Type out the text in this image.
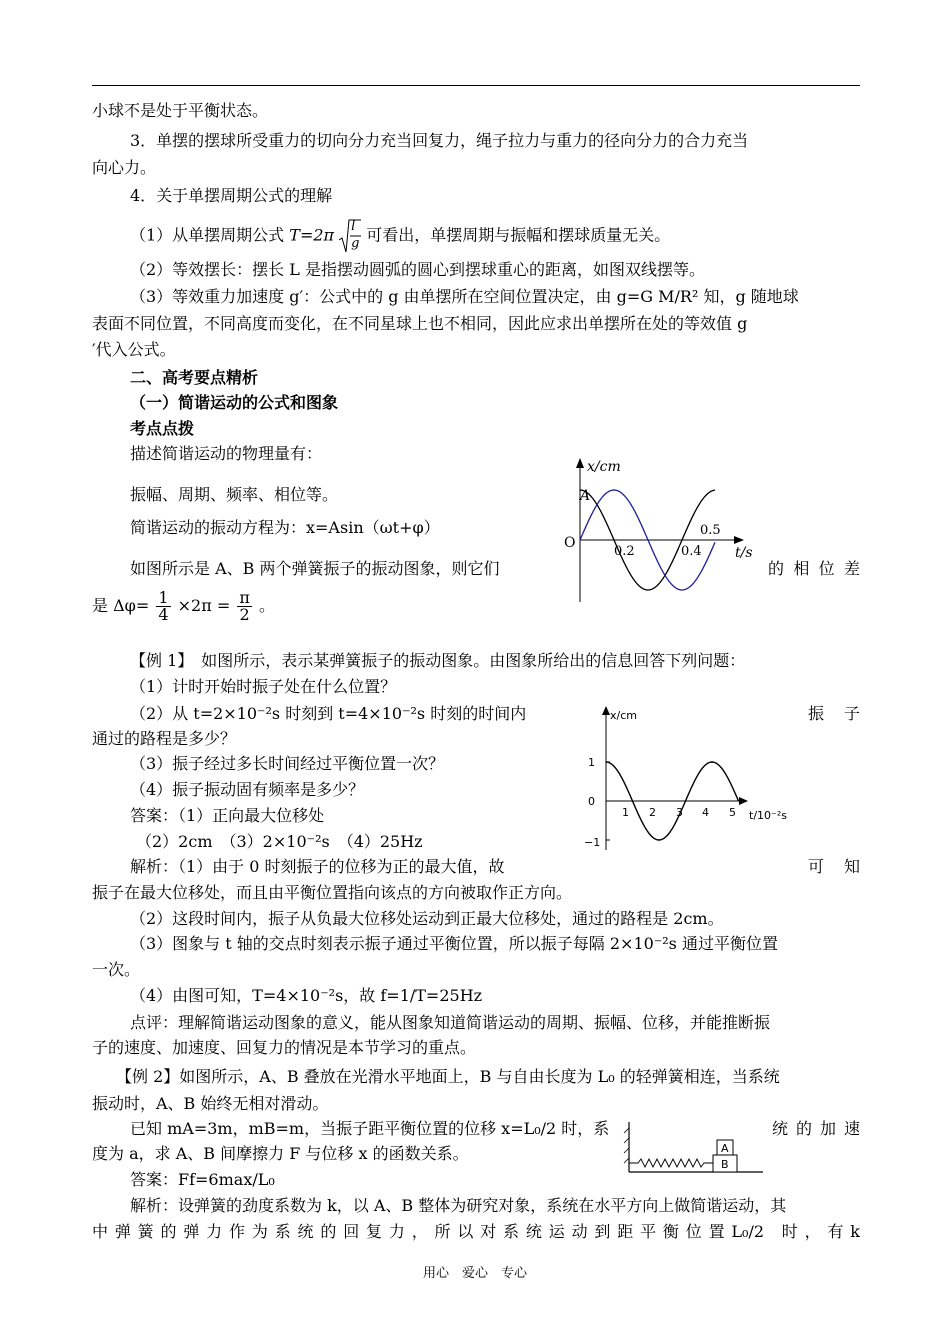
小球不是处于平衡状态。
3．单摆的摆球所受重力的切向分力充当回复力，绳子拉力与重力的径向分力的合力充当
向心力。
4．关于单摆周期公式的理解
（1）从单摆周期公式 T=2π l
g 可看出，单摆周期与振幅和摆球质量无关。
（2）等效摆长：摆长 L 是指摆动圆弧的圆心到摆球重心的距离，如图双线摆等。
（3）等效重力加速度 g′：公式中的 g 由单摆所在空间位置决定，由 g=G M/R² 知，g 随地球
表面不同位置，不同高度而变化，在不同星球上也不相同，因此应求出单摆所在处的等效值 g
′代入公式。
二、高考要点精析
（一）简谐运动的公式和图象
考点点拨
描述简谐运动的物理量有：
振幅、周期、频率、相位等。
简谐运动的振动方程为：x=Asin（ωt+φ）
如图所示是 A、B 两个弹簧振子的振动图象，则它们	的 相 位 差
是 $\Delta\varphi= \frac{1}{4} \times 2\pi = \frac{\pi}{2}$ 。
x/cm
t/s
O
A
0.2	0.4
0.5
【例 1】　如图所示，表示某弹簧振子的振动图象。由图象所给出的信息回答下列问题：
（1）计时开始时振子处在什么位置？
（2）从 t=2×10⁻²s 时刻到 t=4×10⁻²s 时刻的时间内	振　子
通过的路程是多少？
（3）振子经过多长时间经过平衡位置一次？
（4）振子振动固有频率是多少？
答案：（1）正向最大位移处
（2）2cm　（3）2×10⁻²s　（4）25Hz
解析：（1）由于 0 时刻振子的位移为正的最大值，故	可　知
振子在最大位移处，而且由平衡位置指向该点的方向被取作正方向。
（2）这段时间内，振子从负最大位移处运动到正最大位移处，通过的路程是 2cm。
（3）图象与 t 轴的交点时刻表示振子通过平衡位置，所以振子每隔 2×10⁻²s 通过平衡位置
一次。
（4）由图可知，T=4×10⁻²s，故 f=1/T=25Hz
点评：理解简谐运动图象的意义，能从图象知道简谐运动的周期、振幅、位移，并能推断振
子的速度、加速度、回复力的情况是本节学习的重点。
x/cm
t/10⁻²s
1
0
−1
1 2 3 4 5
【例 2】如图所示，A、B 叠放在光滑水平地面上，B 与自由长度为 L₀ 的轻弹簧相连，当系统
振动时，A、B 始终无相对滑动。
已知 mA=3m，mB=m，当振子距平衡位置的位移 x=L₀/2 时，系	统 的 加 速
度为 a，求 A、B 间摩擦力 F 与位移 x 的函数关系。
答案：Ff=6max/L₀
解析：设弹簧的劲度系数为 k，以 A、B 整体为研究对象，系统在水平方向上做简谐运动，其
中 弹 簧 的 弹 力 作 为 系 统 的 回 复 力 ， 所 以 对 系 统 运 动 到 距 平 衡 位 置 L₀/2　时 ， 有 k
A
B
用心　爱心　专心
